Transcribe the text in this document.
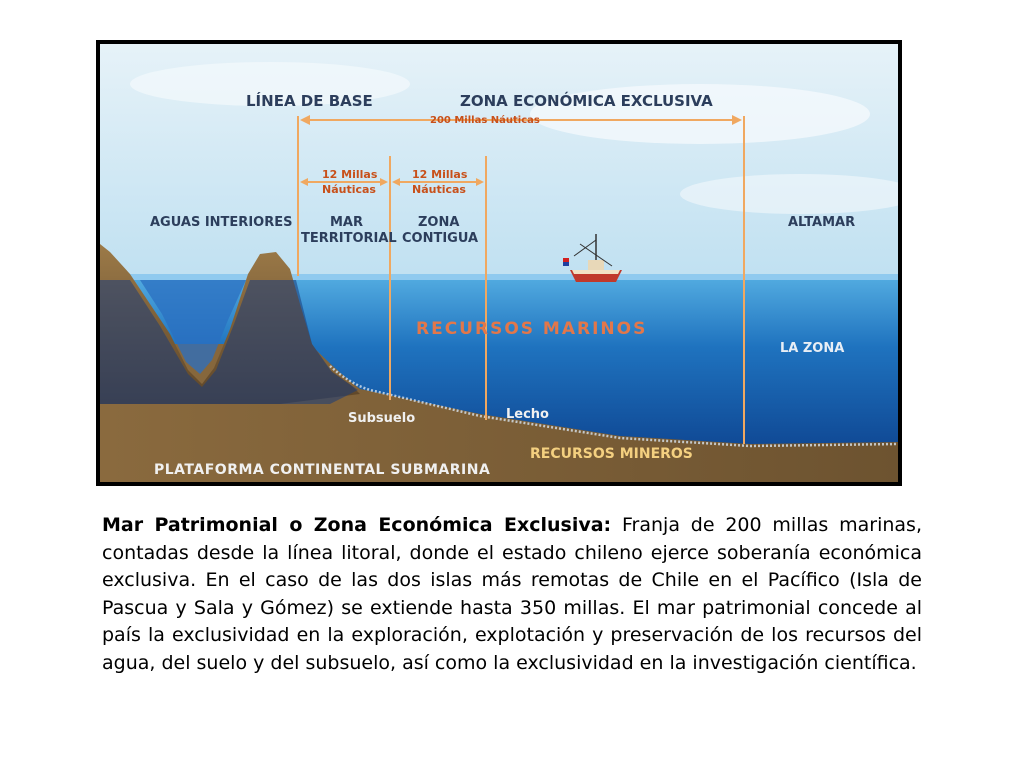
LÍNEA DE BASE	ZONA ECONÓMICA EXCLUSIVA
200 Millas Náuticas
12 Millas
Náuticas
12 Millas
Náuticas
AGUAS INTERIORES	MAR
TERRITORIAL
ZONA
CONTIGUA
ALTAMAR
RECURSOS MARINOS
LA ZONA
Subsuelo	Lecho
RECURSOS MINEROS
PLATAFORMA CONTINENTAL SUBMARINA

Mar Patrimonial o Zona Económica Exclusiva: Franja de 200 millas marinas, contadas desde la línea litoral, donde el estado chileno ejerce soberanía económica exclusiva. En el caso de las dos islas más remotas de Chile en el Pacífico (Isla de Pascua y Sala y Gómez) se extiende hasta 350 millas. El mar patrimonial concede al país la exclusividad en la exploración, explotación y preservación de los recursos del agua, del suelo y del subsuelo, así como la exclusividad en la investigación científica.
